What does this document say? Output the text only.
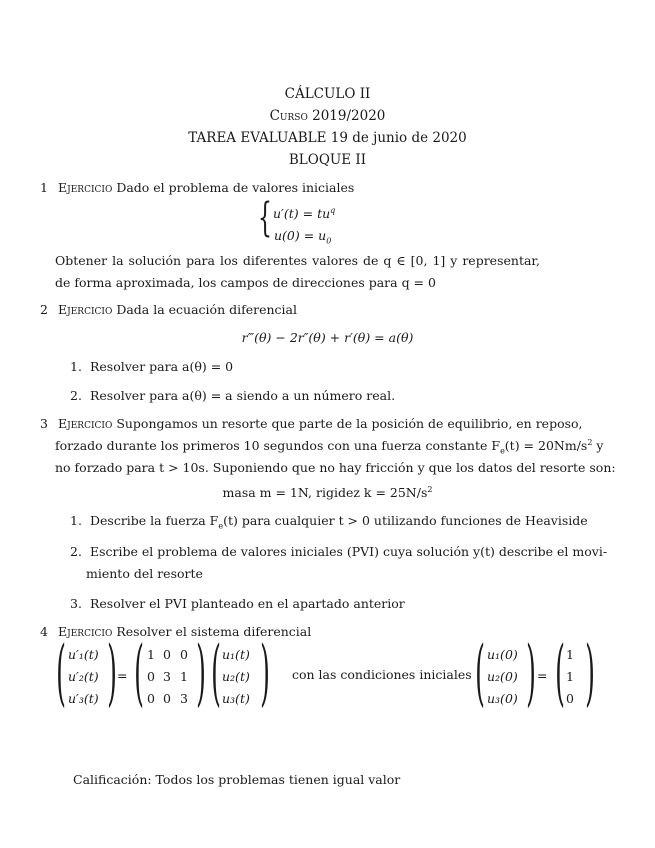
CÁLCULO II
Curso 2019/2020
TAREA EVALUABLE 19 de junio de 2020
BLOQUE II
1 Ejercicio Dado el problema de valores iniciales
{ $u'(t) = tu^q$
$u(0) = u_0$
Obtener la solución para los diferentes valores de q ∈ [0, 1] y representar, de forma aproximada, los campos de direcciones para q = 0
2 Ejercicio Dada la ecuación diferencial
r‴(θ) − 2r″(θ) + r′(θ) = a(θ)
1. Resolver para a(θ) = 0
2. Resolver para a(θ) = a siendo a un número real.
3 Ejercicio Supongamos un resorte que parte de la posición de equilibrio, en reposo,
forzado durante los primeros 10 segundos con una fuerza constante $F_e(t) = 20Nm/s^2$ y
no forzado para t > 10s. Suponiendo que no hay fricción y que los datos del resorte son:
masa m = 1N, rigidez $k = 25N/s^2$
1. Describe la fuerza $F_e(t)$ para cualquier t > 0 utilizando funciones de Heaviside
2. Escribe el problema de valores iniciales (PVI) cuya solución y(t) describe el movi-
miento del resorte
3. Resolver el PVI planteado en el apartado anterior
4 Ejercicio Resolver el sistema diferencial
( u′₁(t)
u′₂(t)
u′₃(t) ) = ( 1 0 0
0 3 1
0 0 3 ) ( u₁(t)
u₂(t)
u₃(t) ) con las condiciones iniciales ( u₁(0)
u₂(0)
u₃(0) ) = ( 1
1
0 )
Calificación: Todos los problemas tienen igual valor
